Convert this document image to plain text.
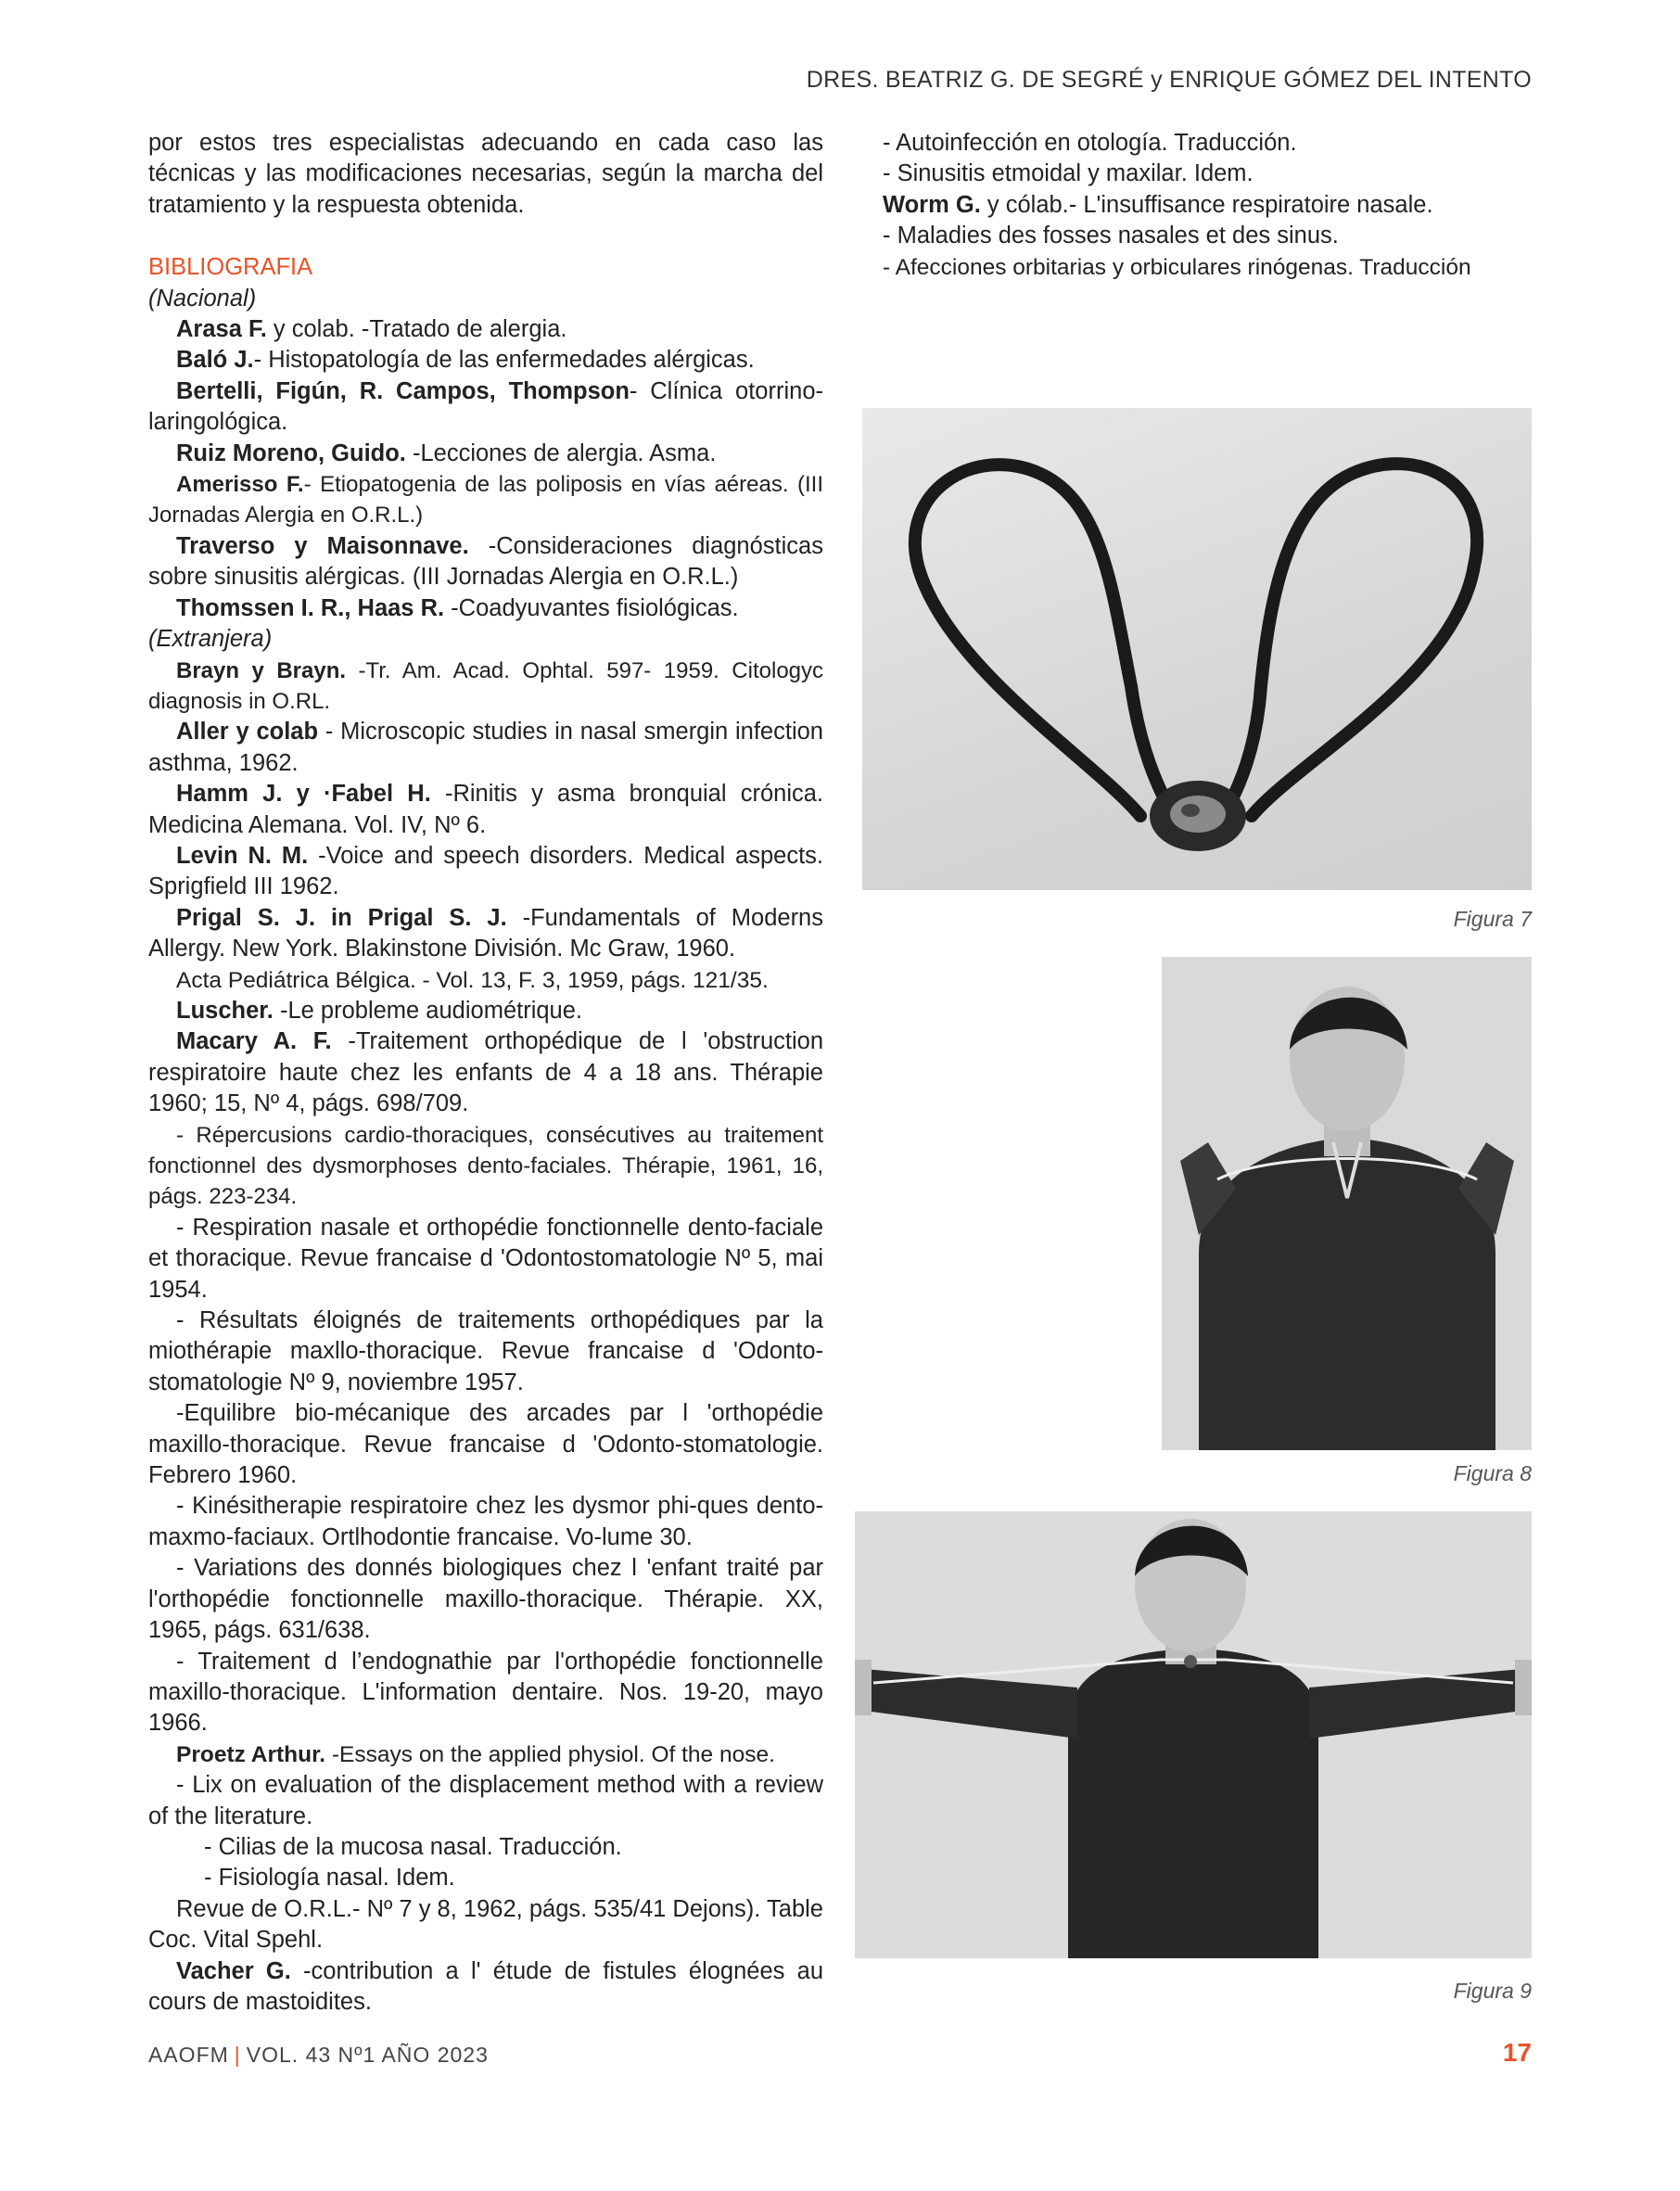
DRES. BEATRIZ G. DE SEGRÉ y ENRIQUE GÓMEZ DEL INTENTO

por estos tres especialistas adecuando en cada caso las técnicas y las modificaciones necesarias, según la marcha del tratamiento y la respuesta obtenida.

BIBLIOGRAFIA

(Nacional)

Arasa F. y colab. -Tratado de alergia.

Baló J.- Histopatología de las enfermedades alérgicas.

Bertelli, Figún, R. Campos, Thompson- Clínica otorrino-laringológica.

Ruiz Moreno, Guido. -Lecciones de alergia. Asma.

Amerisso F.- Etiopatogenia de las poliposis en vías aéreas. (III Jornadas Alergia en O.R.L.)

Traverso y Maisonnave. -Consideraciones diagnósticas sobre sinusitis alérgicas. (III Jornadas Alergia en O.R.L.)

Thomssen I. R., Haas R. -Coadyuvantes fisiológicas.

(Extranjera)

Brayn y Brayn. -Tr. Am. Acad. Ophtal. 597- 1959. Citologyc diagnosis in O.RL.

Aller y colab - Microscopic studies in nasal smergin infection asthma, 1962.

Hamm J. y ·Fabel H. -Rinitis y asma bronquial crónica. Medicina Alemana. Vol. IV, Nº 6.

Levin N. M. -Voice and speech disorders. Medical aspects. Sprigfield III 1962.

Prigal S. J. in Prigal S. J. -Fundamentals of Moderns Allergy. New York. Blakinstone División. Mc Graw, 1960.

Acta Pediátrica Bélgica. - Vol. 13, F. 3, 1959, págs. 121/35.

Luscher. -Le probleme audiométrique.

Macary A. F. -Traitement orthopédique de l 'obstruction respiratoire haute chez les enfants de 4 a 18 ans. Thérapie 1960; 15, Nº 4, págs. 698/709.

- Répercusions cardio-thoraciques, consécutives au traitement fonctionnel des dysmorphoses dento-faciales. Thérapie, 1961, 16, págs. 223-234.

- Respiration nasale et orthopédie fonctionnelle dento-faciale et thoracique. Revue francaise d 'Odontostomatologie Nº 5, mai 1954.

- Résultats éloignés de traitements orthopédiques par la miothérapie maxllo-thoracique. Revue francaise d 'Odonto-stomatologie Nº 9, noviembre 1957.

-Equilibre bio-mécanique des arcades par l 'orthopédie maxillo-thoracique. Revue francaise d 'Odonto-stomatologie. Febrero 1960.

- Kinésitherapie respiratoire chez les dysmor phi-ques dento-maxmo-faciaux. Ortlhodontie francaise. Vo-lume 30.

- Variations des donnés biologiques chez l 'enfant traité par l'orthopédie fonctionnelle maxillo-thoracique. Thérapie. XX, 1965, págs. 631/638.

- Traitement d l’endognathie par l'orthopédie fonctionnelle maxillo-thoracique. L'information dentaire. Nos. 19-20, mayo 1966.

Proetz Arthur. -Essays on the applied physiol. Of the nose.

- Lix on evaluation of the displacement method with a review of the literature.

- Cilias de la mucosa nasal. Traducción.

- Fisiología nasal. Idem.

Revue de O.R.L.- Nº 7 y 8, 1962, págs. 535/41 Dejons). Table Coc. Vital Spehl.

Vacher G. -contribution a l' étude de fistules élognées au cours de mastoidites.

- Autoinfección en otología. Traducción.

- Sinusitis etmoidal y maxilar. Idem.

Worm G. y cólab.- L'insuffisance respiratoire nasale.

- Maladies des fosses nasales et des sinus.

- Afecciones orbitarias y orbiculares rinógenas. Traducción

Figura 7
Figura 8
Figura 9
AAOFM | VOL. 43 Nº1 AÑO 2023	17
